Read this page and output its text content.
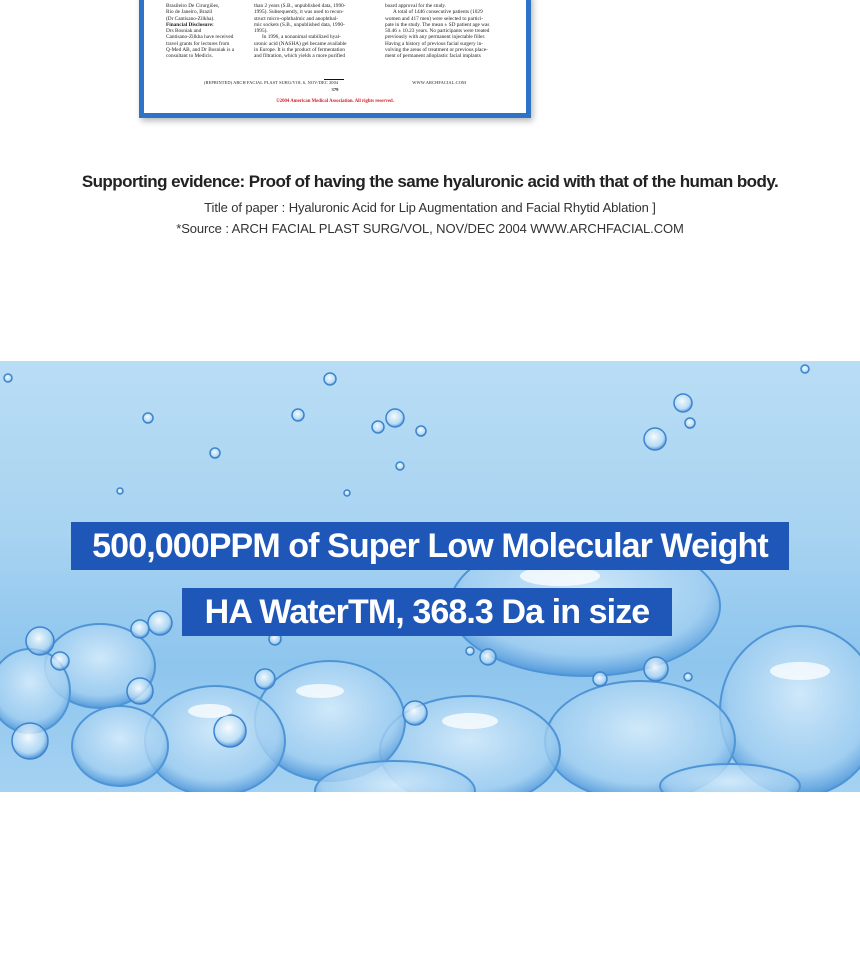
Brasileiro De Cirurgiões,

Rio de Janeiro, Brazil

(Dr Cantisano-Zilkha).

Financial Disclosure:

Drs Bosniak and

Cantisano-Zilkha have received

travel grants for lectures from

Q-Med AB, and Dr Bosniak is a

consultant to Medicis.

than 2 years (S.B., unpublished data, 1990-

1995). Subsequently, it was used to recon-

struct micro-ophthalmic and anophthal-

mic sockets (S.B., unpublished data, 1990-

1995).

In 1996, a nonanimal stabilized hyal-

uronic acid (NASHA) gel became available

in Europe. It is the product of fermentation

and filtration, which yields a more purified

board approval for the study.

A total of 1446 consecutive patients (1029

women and 417 men) were selected to partici-

pate in the study. The mean ± SD patient age was

50.46 ± 10.23 years. No participants were treated

previously with any permanent injectable filler.

Having a history of previous facial surgery in-

volving the areas of treatment or previous place-

ment of permanent alloplastic facial implants

(REPRINTED) ARCH FACIAL PLAST SURG/VOL 6, NOV/DEC 2004	WWW.ARCHFACIAL.COM
379
©2004 American Medical Association. All rights reserved.
Supporting evidence: Proof of having the same hyaluronic acid with that of the human body.
Title of paper : Hyaluronic Acid for Lip Augmentation and Facial Rhytid Ablation ]
*Source : ARCH FACIAL PLAST SURG/VOL, NOV/DEC 2004 WWW.ARCHFACIAL.COM
500,000PPM of Super Low Molecular Weight
HA WaterTM, 368.3 Da in size
